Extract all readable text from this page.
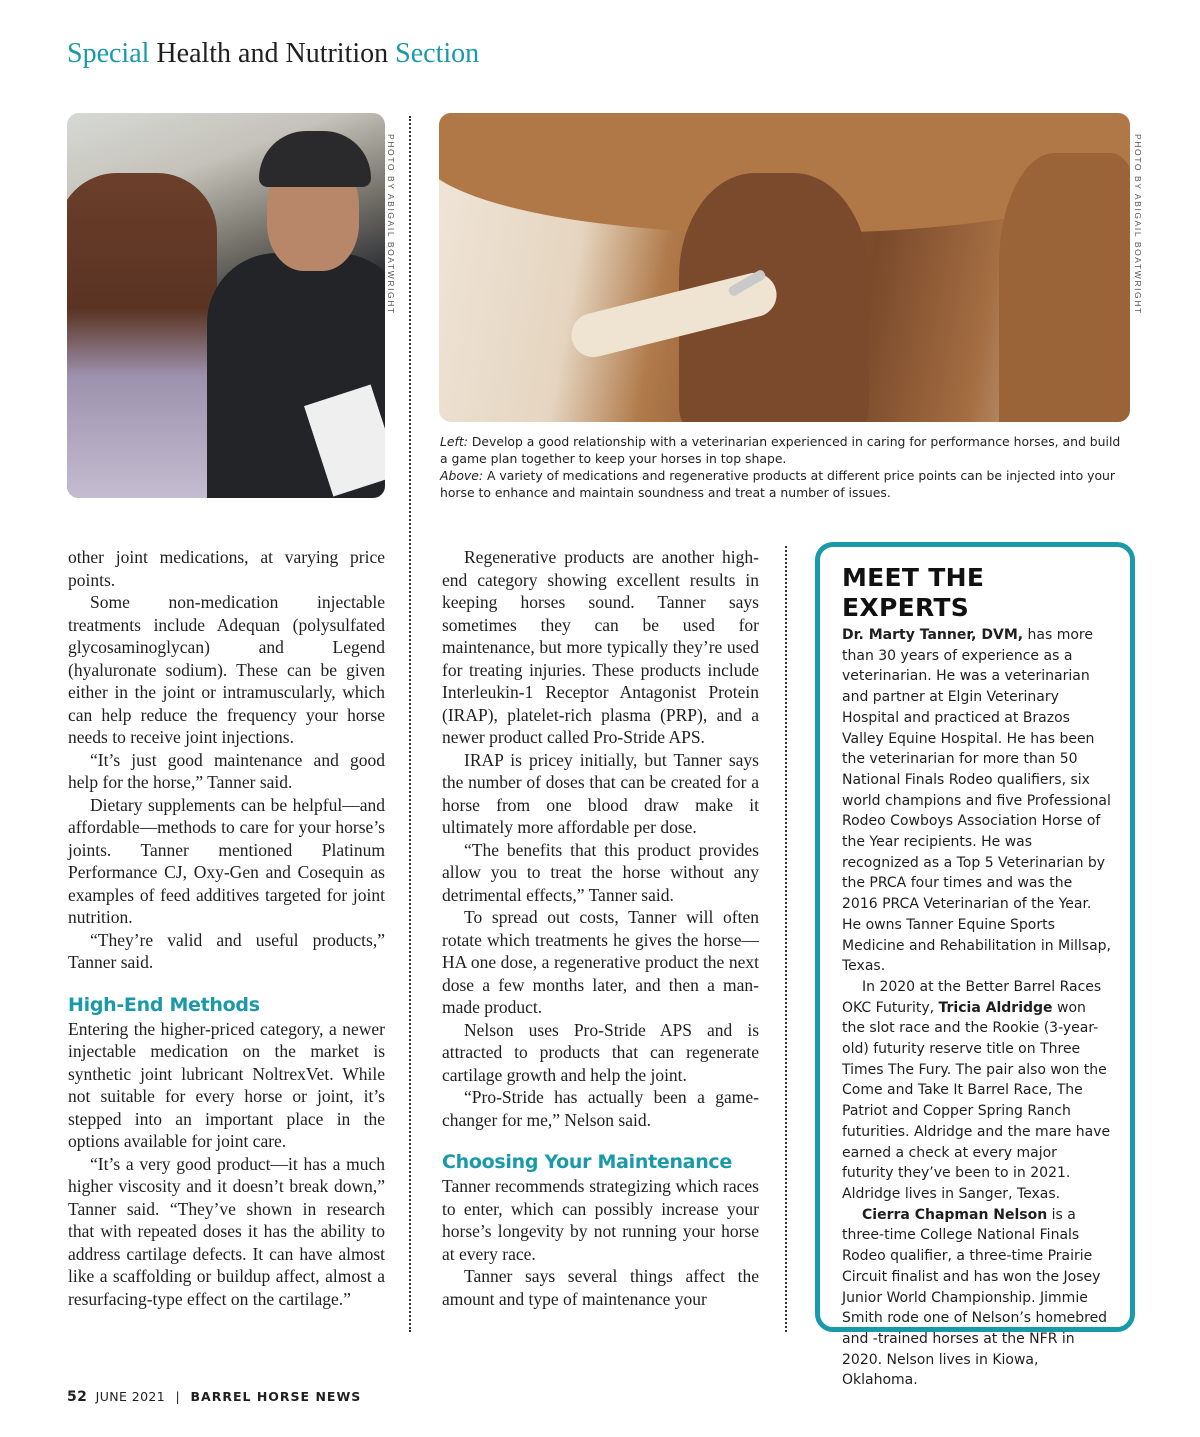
Special Health and Nutrition Section
PHOTO BY ABIGAIL BOATWRIGHT	PHOTO BY ABIGAIL BOATWRIGHT

Left: Develop a good relationship with a veterinarian experienced in caring for performance horses, and build a game plan together to keep your horses in top shape.

Above: A variety of medications and regenerative products at different price points can be injected into your horse to enhance and maintain soundness and treat a number of issues.

other joint medications, at varying price points.

Some non-medication injectable treatments include Adequan (polysulfated glycosaminoglycan) and Legend (hyaluronate sodium). These can be given either in the joint or intramuscularly, which can help reduce the frequency your horse needs to receive joint injections.

“It’s just good maintenance and good help for the horse,” Tanner said.

Dietary supplements can be helpful—and affordable—methods to care for your horse’s joints. Tanner mentioned Platinum Performance CJ, Oxy-Gen and Cosequin as examples of feed additives targeted for joint nutrition.

“They’re valid and useful products,” Tanner said.

High-End Methods

Entering the higher-priced category, a newer injectable medication on the market is synthetic joint lubricant NoltrexVet. While not suitable for every horse or joint, it’s stepped into an important place in the options available for joint care.

“It’s a very good product—it has a much higher viscosity and it doesn’t break down,” Tanner said. “They’ve shown in research that with repeated doses it has the ability to address cartilage defects. It can have almost like a scaffolding or buildup affect, almost a resurfacing-type effect on the cartilage.”

Regenerative products are another high-end category showing excellent results in keeping horses sound. Tanner says sometimes they can be used for maintenance, but more typically they’re used for treating injuries. These products include Interleukin-1 Receptor Antagonist Protein (IRAP), platelet-rich plasma (PRP), and a newer product called Pro-Stride APS.

IRAP is pricey initially, but Tanner says the number of doses that can be created for a horse from one blood draw make it ultimately more affordable per dose.

“The benefits that this product provides allow you to treat the horse without any detrimental effects,” Tanner said.

To spread out costs, Tanner will often rotate which treatments he gives the horse—HA one dose, a regenerative product the next dose a few months later, and then a man-made product.

Nelson uses Pro-Stride APS and is attracted to products that can regenerate cartilage growth and help the joint.

“Pro-Stride has actually been a game-changer for me,” Nelson said.

Choosing Your Maintenance

Tanner recommends strategizing which races to enter, which can possibly increase your horse’s longevity by not running your horse at every race.

Tanner says several things affect the amount and type of maintenance your

MEET THE EXPERTS

Dr. Marty Tanner, DVM, has more than 30 years of experience as a veterinarian. He was a veterinarian and partner at Elgin Veterinary Hospital and practiced at Brazos Valley Equine Hospital. He has been the veterinarian for more than 50 National Finals Rodeo qualifiers, six world champions and five Professional Rodeo Cowboys Association Horse of the Year recipients. He was recognized as a Top 5 Veterinarian by the PRCA four times and was the 2016 PRCA Veterinarian of the Year. He owns Tanner Equine Sports Medicine and Rehabilitation in Millsap, Texas.

In 2020 at the Better Barrel Races OKC Futurity, Tricia Aldridge won the slot race and the Rookie (3-year-old) futurity reserve title on Three Times The Fury. The pair also won the Come and Take It Barrel Race, The Patriot and Copper Spring Ranch futurities. Aldridge and the mare have earned a check at every major futurity they’ve been to in 2021. Aldridge lives in Sanger, Texas.

Cierra Chapman Nelson is a three-time College National Finals Rodeo qualifier, a three-time Prairie Circuit finalist and has won the Josey Junior World Championship. Jimmie Smith rode one of Nelson’s homebred and -trained horses at the NFR in 2020. Nelson lives in Kiowa, Oklahoma.

52 JUNE 2021 | BARREL HORSE NEWS
